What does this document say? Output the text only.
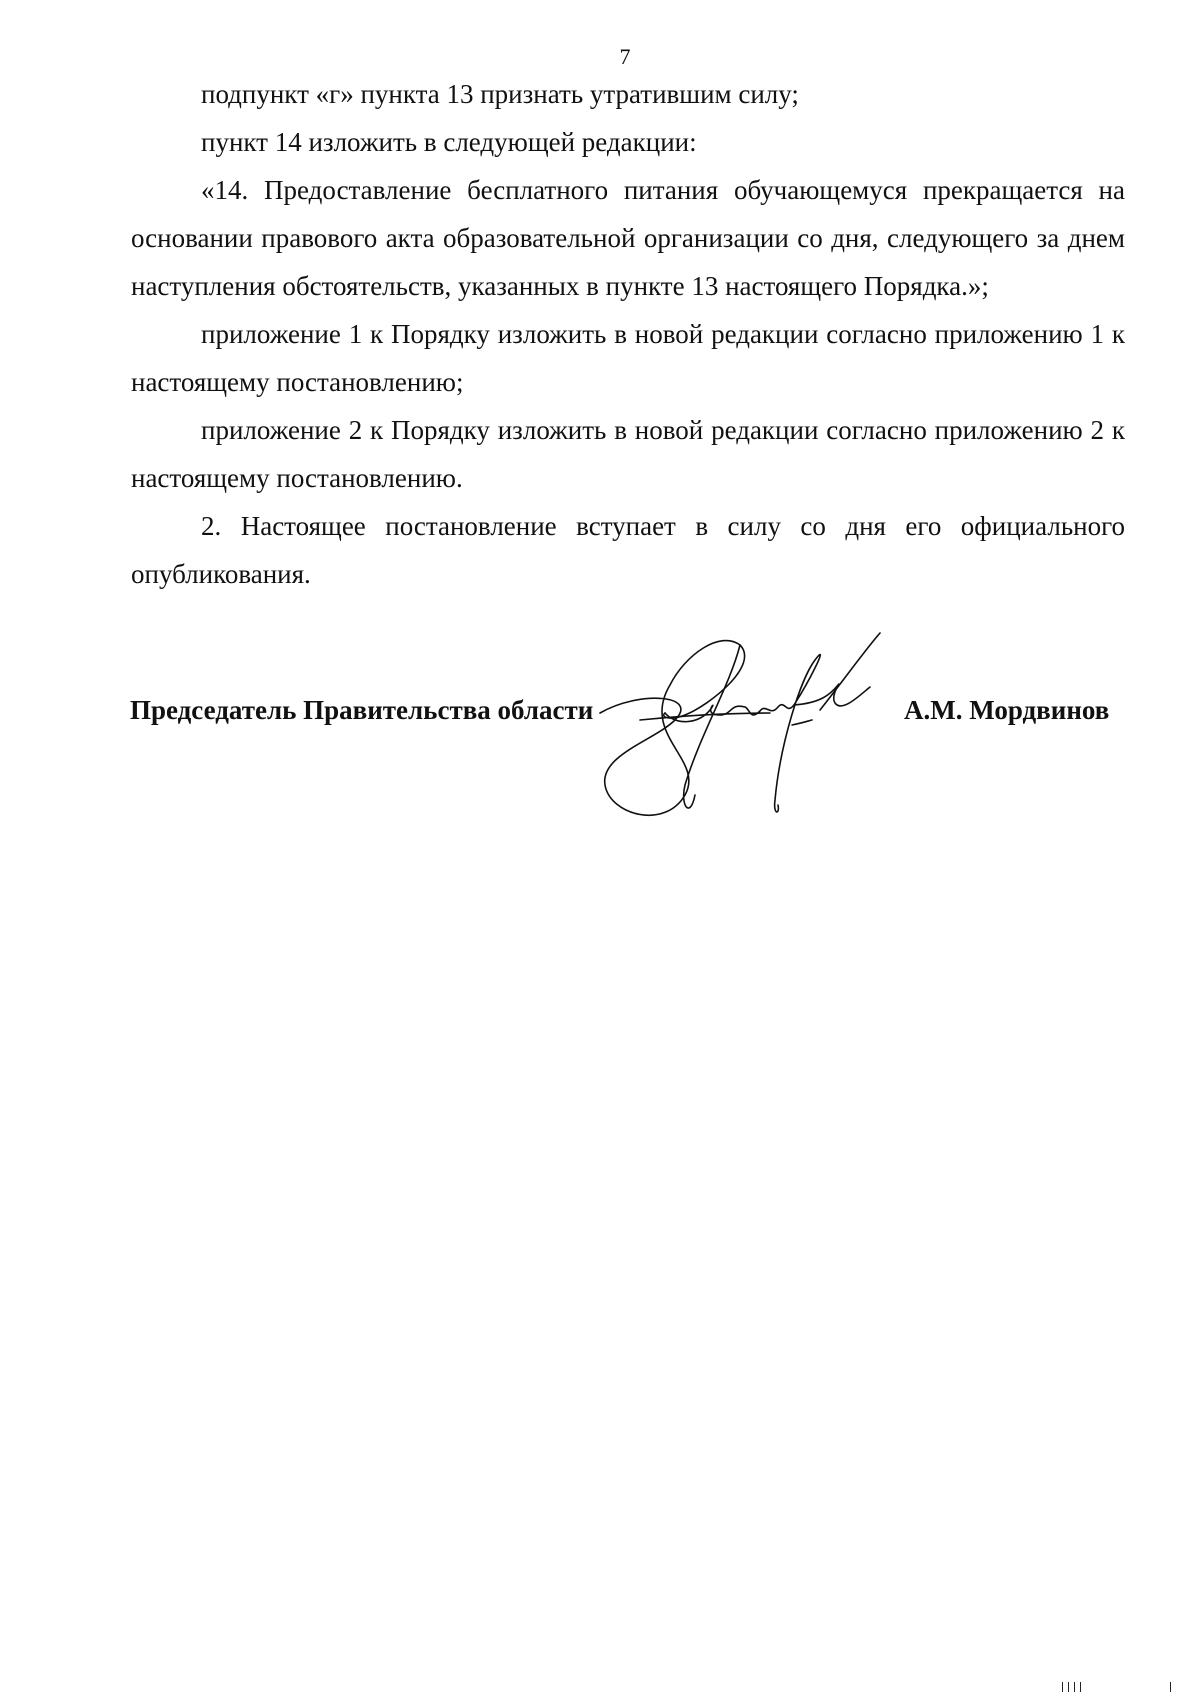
7

подпункт «г» пункта 13 признать утратившим силу;

пункт 14 изложить в следующей редакции:

«14. Предоставление бесплатного питания обучающемуся прекращается на основании правового акта образовательной организации со дня, следующего за днем наступления обстоятельств, указанных в пункте 13 настоящего Порядка.»;

приложение 1 к Порядку изложить в новой редакции согласно приложению 1 к настоящему постановлению;

приложение 2 к Порядку изложить в новой редакции согласно приложению 2 к настоящему постановлению.

2. Настоящее постановление вступает в силу со дня его официального опубликования.

Председатель Правительства области	А.М. Мордвинов
